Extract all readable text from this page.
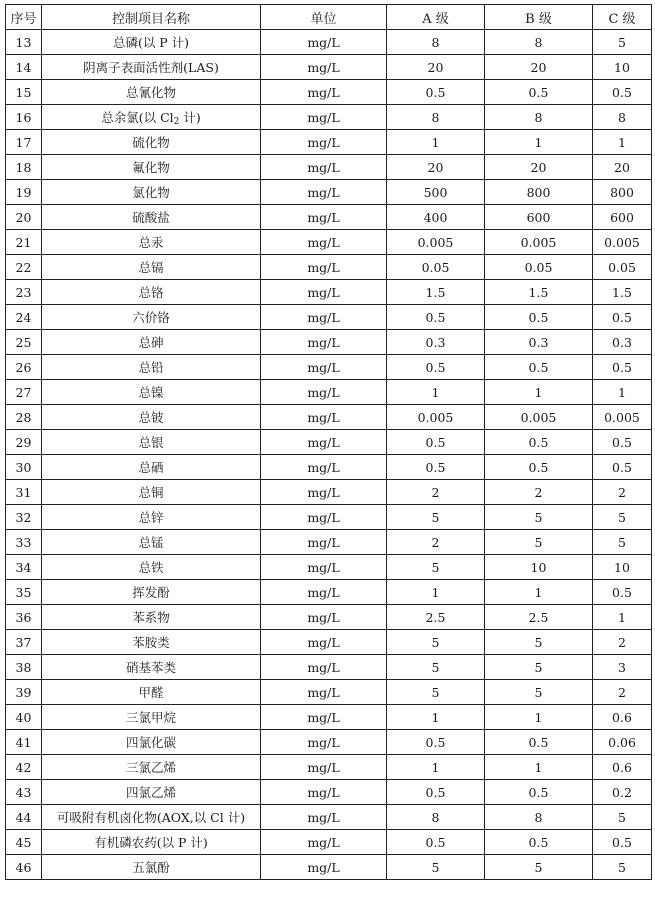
序号	控制项目名称	单位	A 级	B 级	C 级
13	总磷(以 P 计)	mg/L	8	8	5
14	阴离子表面活性剂(LAS)	mg/L	20	20	10
15	总氰化物	mg/L	0.5	0.5	0.5
16	总余氯(以 $Cl_2$ 计)	mg/L	8	8	8
17	硫化物	mg/L	1	1	1
18	氟化物	mg/L	20	20	20
19	氯化物	mg/L	500	800	800
20	硫酸盐	mg/L	400	600	600
21	总汞	mg/L	0.005	0.005	0.005
22	总镉	mg/L	0.05	0.05	0.05
23	总铬	mg/L	1.5	1.5	1.5
24	六价铬	mg/L	0.5	0.5	0.5
25	总砷	mg/L	0.3	0.3	0.3
26	总铅	mg/L	0.5	0.5	0.5
27	总镍	mg/L	1	1	1
28	总铍	mg/L	0.005	0.005	0.005
29	总银	mg/L	0.5	0.5	0.5
30	总硒	mg/L	0.5	0.5	0.5
31	总铜	mg/L	2	2	2
32	总锌	mg/L	5	5	5
33	总锰	mg/L	2	5	5
34	总铁	mg/L	5	10	10
35	挥发酚	mg/L	1	1	0.5
36	苯系物	mg/L	2.5	2.5	1
37	苯胺类	mg/L	5	5	2
38	硝基苯类	mg/L	5	5	3
39	甲醛	mg/L	5	5	2
40	三氯甲烷	mg/L	1	1	0.6
41	四氯化碳	mg/L	0.5	0.5	0.06
42	三氯乙烯	mg/L	1	1	0.6
43	四氯乙烯	mg/L	0.5	0.5	0.2
44	可吸附有机卤化物(AOX,以 Cl 计)	mg/L	8	8	5
45	有机磷农药(以 P 计)	mg/L	0.5	0.5	0.5
46	五氯酚	mg/L	5	5	5
